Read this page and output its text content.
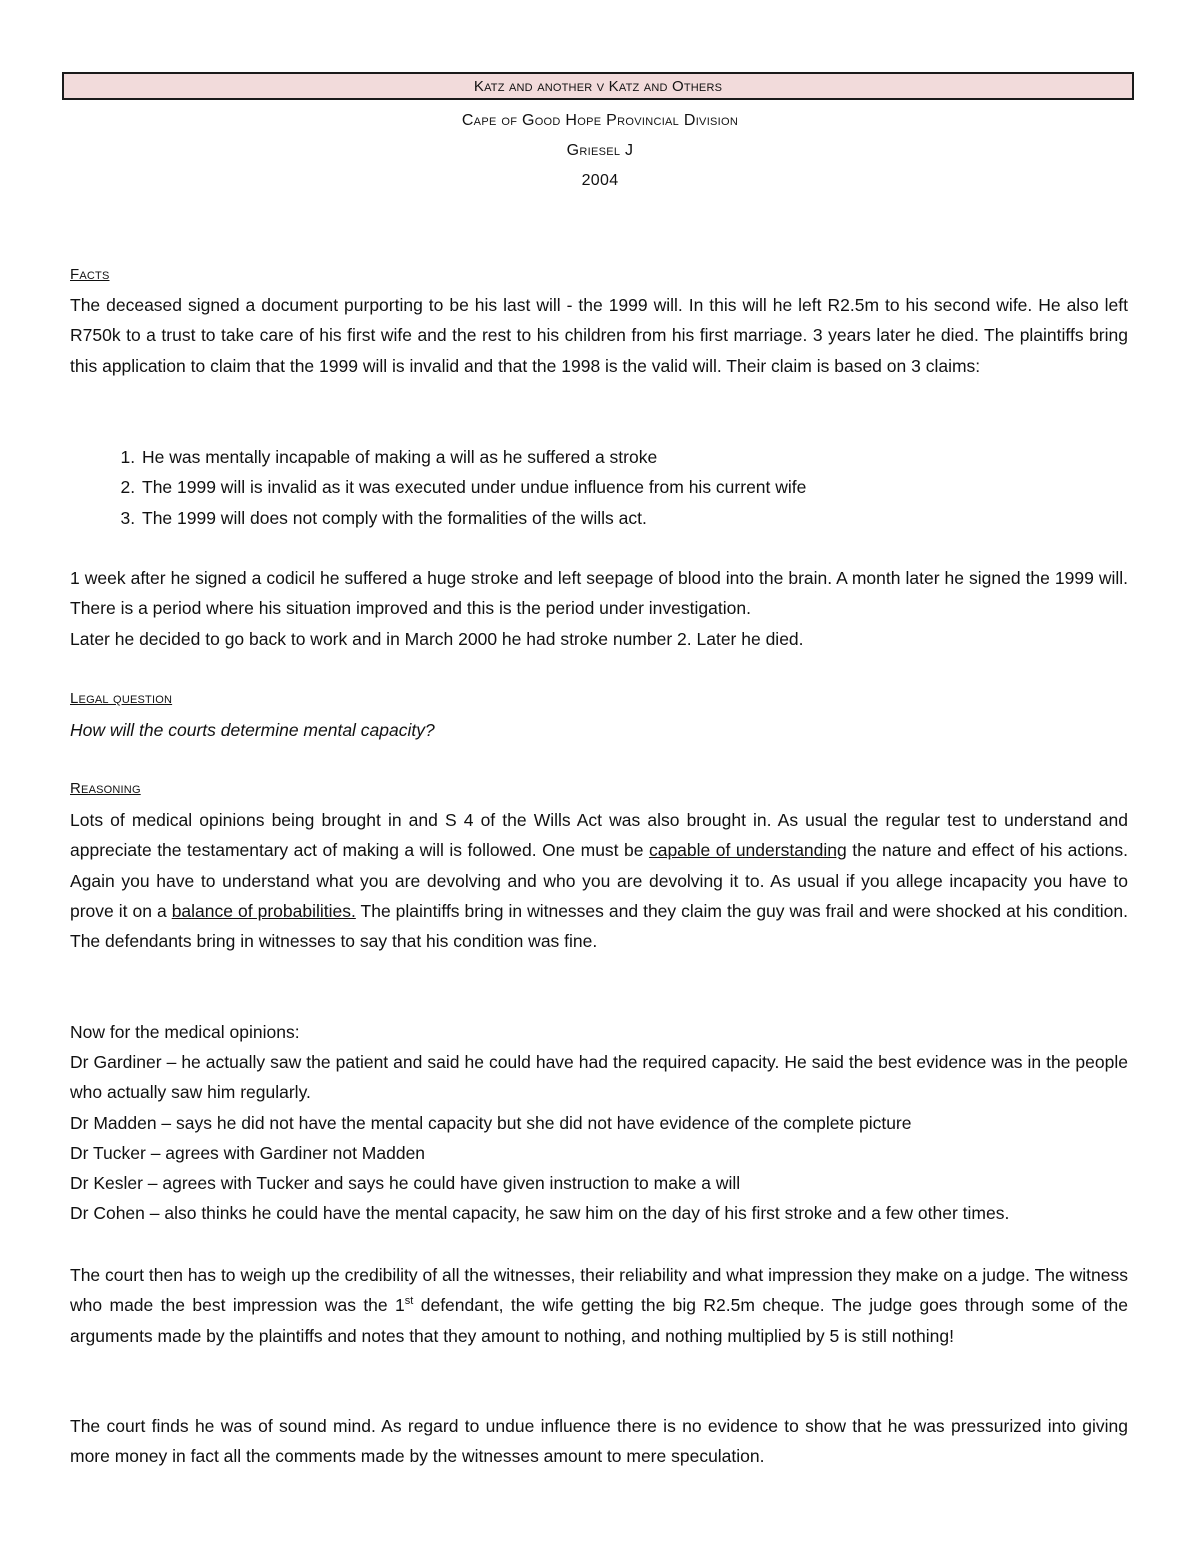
Katz and another v Katz and Others
Cape of Good Hope Provincial Division
Griesel J
2004
Facts
The deceased signed a document purporting to be his last will - the 1999 will. In this will he left R2.5m to his second wife. He also left R750k to a trust to take care of his first wife and the rest to his children from his first marriage. 3 years later he died. The plaintiffs bring this application to claim that the 1999 will is invalid and that the 1998 is the valid will. Their claim is based on 3 claims:
1. He was mentally incapable of making a will as he suffered a stroke
2. The 1999 will is invalid as it was executed under undue influence from his current wife
3. The 1999 will does not comply with the formalities of the wills act.
1 week after he signed a codicil he suffered a huge stroke and left seepage of blood into the brain. A month later he signed the 1999 will. There is a period where his situation improved and this is the period under investigation.
Later he decided to go back to work and in March 2000 he had stroke number 2. Later he died.
Legal question
How will the courts determine mental capacity?
Reasoning
Lots of medical opinions being brought in and S 4 of the Wills Act was also brought in. As usual the regular test to understand and appreciate the testamentary act of making a will is followed. One must be capable of understanding the nature and effect of his actions. Again you have to understand what you are devolving and who you are devolving it to. As usual if you allege incapacity you have to prove it on a balance of probabilities. The plaintiffs bring in witnesses and they claim the guy was frail and were shocked at his condition. The defendants bring in witnesses to say that his condition was fine.
Now for the medical opinions:
Dr Gardiner – he actually saw the patient and said he could have had the required capacity. He said the best evidence was in the people who actually saw him regularly.
Dr Madden – says he did not have the mental capacity but she did not have evidence of the complete picture
Dr Tucker – agrees with Gardiner not Madden
Dr Kesler – agrees with Tucker and says he could have given instruction to make a will
Dr Cohen – also thinks he could have the mental capacity, he saw him on the day of his first stroke and a few other times.
The court then has to weigh up the credibility of all the witnesses, their reliability and what impression they make on a judge. The witness who made the best impression was the 1st defendant, the wife getting the big R2.5m cheque. The judge goes through some of the arguments made by the plaintiffs and notes that they amount to nothing, and nothing multiplied by 5 is still nothing!
The court finds he was of sound mind. As regard to undue influence there is no evidence to show that he was pressurized into giving more money in fact all the comments made by the witnesses amount to mere speculation.
